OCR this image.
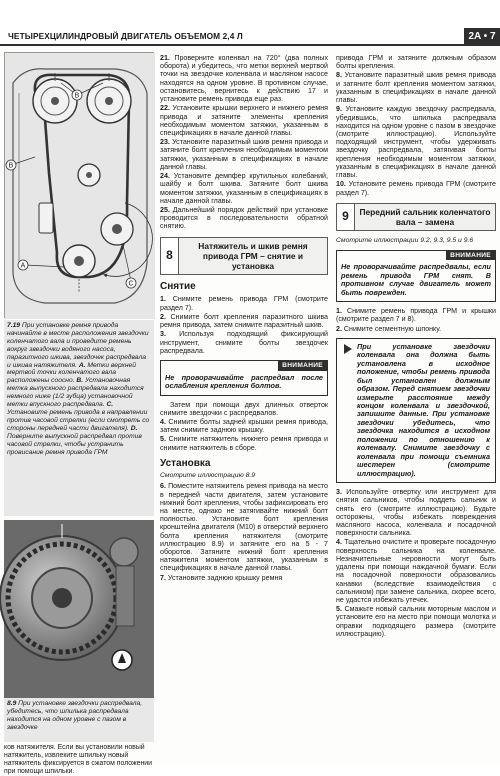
ЧЕТЫРЕХЦИЛИНДРОВЫЙ ДВИГАТЕЛЬ ОБЪЕМОМ 2,4 Л	2A • 7
B
B
A
C
7.19 При установке ремня привода начинайте в месте расположения звездочки коленчатого вала и проведите ремень вокруг звездочки водяного насоса, паразитного шкива, звездочек распредвала и шкива натяжителя. A. Метки верхней мертвой точки коленчатого вала расположены соосно. B. Установочная метка выпускного распредвала находится немного ниже (1/2 зубца) установочной метки впускного распредвала. C. Установите ремень привода в направлении против часовой стрелки (если смотреть со стороны передней части двигателя). D. Поверните выпускной распредвал против часовой стрелки, чтобы устранить провисание ремня привода ГРМ
8.9 При установке звездочки распредвала, убедитесь, что шпилька распредвала находится на одном уровне с пазом в звездочке
ков натяжителя. Если вы установили новый натяжитель, извлеките шпильку новый натяжитель фиксируется в сжатом положении при помощи шпильки.

21. Проверните коленвал на 720° (два полных оборота) и убедитесь, что метки верхней мертвой точки на звездочке коленвала и масляном насосе находятся на одном уровне. В противном случае, остановитесь, вернитесь к действию 17 и установите ремень привода еще раз.

22. Установите крышки верхнего и нижнего ремня привода и затяните элементы крепления необходимым моментом затяжки, указанным в спецификациях в начале данной главы.

23. Установите паразитный шкив ремня привода и затяните болт крепления необходимым моментом затяжки, указанным в спецификациях в начале данной главы.

24. Установите демпфер крутильных колебаний, шайбу и болт шкива. Затяните болт шкива моментом затяжки, указанным в спецификациях в начале данной главы.

25. Дальнейший порядок действий при установке проводится в последовательности обратной снятию.

8
Натяжитель и шкив ремня привода ГРМ – снятие и установка
Снятие

1. Снимите ремень привода ГРМ (смотрите раздел 7).

2. Снимите болт крепления паразитного шкива ремня привода, затем снимите паразитный шкив.

3. Используя подходящий фиксирующий инструмент, снимите болты звездочек распредвала.

ВНИМАНИЕ
Не проворачивайте распредвал после ослабления крепления болтов.

Затем при помощи двух длинных отверток снимите звездочки с распредвалов.

4. Снимите болты задней крышки ремня привода, затем снимите заднюю крышку.

5. Снимите натяжитель нижнего ремня привода и снимите натяжитель в сборе.

Установка
Смотрите иллюстрацию 8.9

6. Поместите натяжитель ремня привода на место в передней части двигателя, затем установите нижний болт крепления, чтобы зафиксировать его на месте, однако не затягивайте нижний болт полностью. Установите болт крепления кронштейна двигателя (M10) в отверстий верхнего болта крепления натяжителя (смотрите иллюстрацию 8.9) и затяните его на 5 - 7 оборотов. Затяните нижний болт крепления натяжителя моментом затяжки, указанным в спецификациях в начале данной главы.

7. Установите заднюю крышку ремня

привода ГРМ и затяните должным образом болты крепления.

8. Установите паразитный шкив ремня привода и затяните болт крепления моментом затяжки, указанным в спецификациях в начале данной главы.

9. Установите каждую звездочку распредвала, убедившись, что шпилька распредвала находится на одном уровне с пазом в звездочке (смотрите иллюстрацию). Используйте подходящий инструмент, чтобы удерживать звездочку распредвала, затягивая болты крепления необходимым моментом затяжки, указанным в спецификациях в начале данной главы.

10. Установите ремень привода ГРМ (смотрите раздел 7).

9	Передний сальник коленчатого вала – замена
Смотрите иллюстрации 9.2, 9.3, 9.5 и 9.6
ВНИМАНИЕ
Не проворачивайте распредвалы, если ремень привода ГРМ снят. В противном случае двигатель может быть поврежден.

1. Снимите ремень привода ГРМ и крышки (смотрите раздел 7 и 8).

2. Снимите сегментную шпонку.

При установке звездочки коленвала она должна быть установлена в исходное положение, чтобы ремень привода был установлен должным образом. Перед снятием звездочки измерьте расстояние между концом коленвала и звездочкой, запишите данные. При установке звездочки убедитесь, что звездочка находится в исходном положении по отношению к коленвалу. Снимите звездочку с коленвала при помощи съемника шестерен (смотрите иллюстрацию).

3. Используйте отвертку или инструмент для снятия сальников, чтобы поддеть сальник и снять его (смотрите иллюстрацию). Будьте осторожны, чтобы избежать повреждения масляного насоса, коленвала и посадочной поверхности сальника.

4. Тщательно очистите и проверьте посадочную поверхность сальника на коленвале. Незначительные неровности могут быть удалены при помощи наждачной бумаги. Если на посадочной поверхности образовались канавки (вследствие взаимодействия с сальником) при замене сальника, скорее всего, не удастся избежать утечек.

5. Смажьте новый сальник моторным маслом и установите его на место при помощи молотка и оправки подходящего размера (смотрите иллюстрацию).
